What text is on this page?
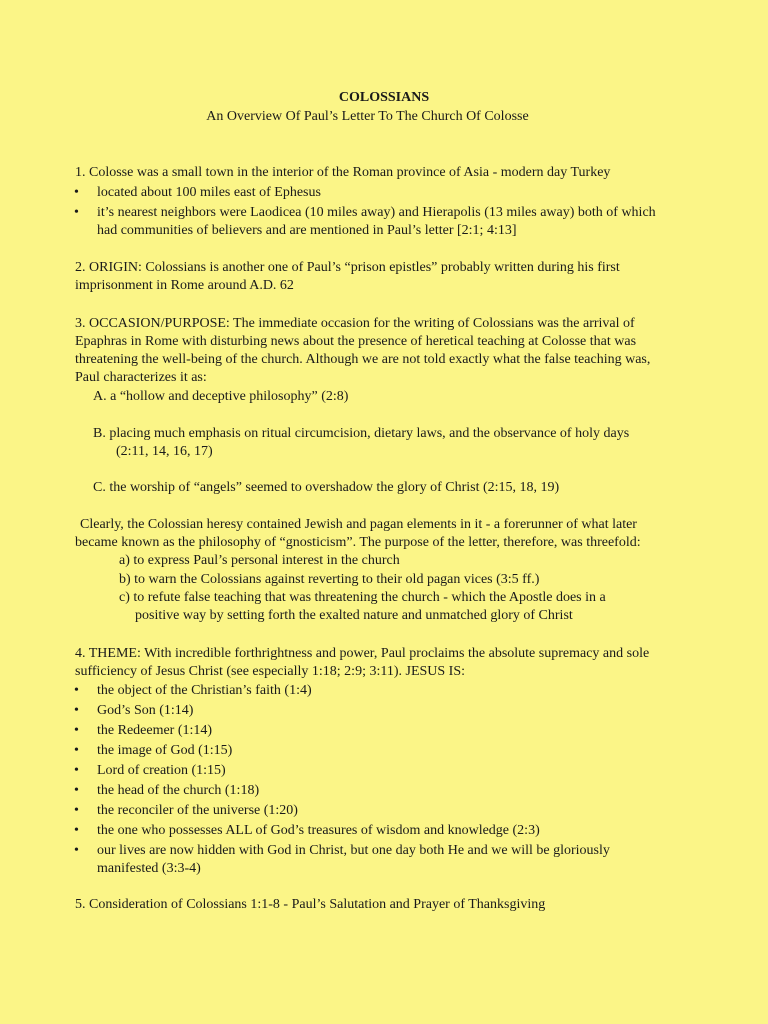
COLOSSIANS
An Overview Of Paul’s Letter To The Church Of Colosse
1. Colosse was a small town in the interior of the Roman province of Asia - modern day Turkey
• located about 100 miles east of Ephesus
• it’s nearest neighbors were Laodicea (10 miles away) and Hierapolis (13 miles away) both of which
had communities of believers and are mentioned in Paul’s letter [2:1; 4:13]
2. ORIGIN: Colossians is another one of Paul’s “prison epistles” probably written during his first
imprisonment in Rome around A.D. 62
3. OCCASION/PURPOSE: The immediate occasion for the writing of Colossians was the arrival of
Epaphras in Rome with disturbing news about the presence of heretical teaching at Colosse that was
threatening the well-being of the church. Although we are not told exactly what the false teaching was,
Paul characterizes it as:
A. a “hollow and deceptive philosophy” (2:8)
B. placing much emphasis on ritual circumcision, dietary laws, and the observance of holy days
(2:11, 14, 16, 17)
C. the worship of “angels” seemed to overshadow the glory of Christ (2:15, 18, 19)
Clearly, the Colossian heresy contained Jewish and pagan elements in it - a forerunner of what later
became known as the philosophy of “gnosticism”. The purpose of the letter, therefore, was threefold:
a) to express Paul’s personal interest in the church
b) to warn the Colossians against reverting to their old pagan vices (3:5 ff.)
c) to refute false teaching that was threatening the church - which the Apostle does in a
positive way by setting forth the exalted nature and unmatched glory of Christ
4. THEME: With incredible forthrightness and power, Paul proclaims the absolute supremacy and sole
sufficiency of Jesus Christ (see especially 1:18; 2:9; 3:11). JESUS IS:
• the object of the Christian’s faith (1:4)
• God’s Son (1:14)
• the Redeemer (1:14)
• the image of God (1:15)
• Lord of creation (1:15)
• the head of the church (1:18)
• the reconciler of the universe (1:20)
• the one who possesses ALL of God’s treasures of wisdom and knowledge (2:3)
• our lives are now hidden with God in Christ, but one day both He and we will be gloriously
manifested (3:3-4)
5. Consideration of Colossians 1:1-8 - Paul’s Salutation and Prayer of Thanksgiving
